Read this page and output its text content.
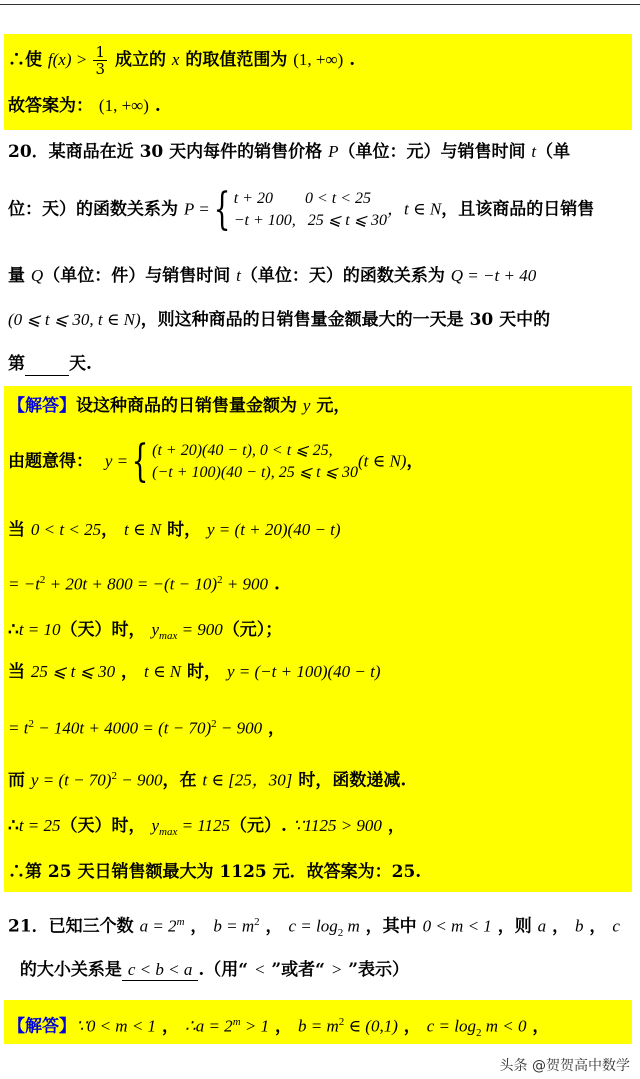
∴使 $f(x) > \frac{1}{3}$ 成立的 x 的取值范围为 (1, +∞) .
故答案为： (1, +∞) .
20．某商品在近 30 天内每件的销售价格 P（单位：元）与销售时间 t（单
位：天）的函数关系为 P ={ t + 20 0 < t < 25
−t + 100, 25 ⩽ t ⩽ 30，t ∈ N，且该商品的日销售
量 Q（单位：件）与销售时间 t（单位：天）的函数关系为 Q = −t + 40
(0 ⩽ t ⩽ 30, t ∈ N)，则这种商品的日销售量金额最大的一天是 30 天中的
第	天.
【解答】设这种商品的日销售量金额为 y 元，
由题意得： y ={ (t + 20)(40 − t), 0 < t ⩽ 25,
(−t + 100)(40 − t), 25 ⩽ t ⩽ 30(t ∈ N)，
当 0 < t < 25， t ∈ N 时， y = (t + 20)(40 − t)
= $-t^2 + 20t + 800 = -(t - 10)^2 + 900$ .
∴t = 10（天）时， $y_{max} = 900$（元）；
当 25 ⩽ t ⩽ 30 ， t ∈ N 时， y = (−t + 100)(40 − t)
= $t^2 - 140t + 4000 = (t - 70)^2 - 900$ ，
而 $y = (t - 70)^2 - 900$，在 t ∈ [25，30] 时，函数递减.
∴t = 25（天）时， $y_{max} = 1125$（元）. ∵1125 > 900 ，
∴第 25 天日销售额最大为 1125 元．故答案为：25.
21．已知三个数 $a = 2^m$ ， $b = m^2$ ， $c = \log_2 m$ ，其中 0 < m < 1 ，则 a ， b ， c
的大小关系是 c < b < a .（用“ < ”或者“ > ”表示）
【解答】∵0 < m < 1 ， ∴a = $2^m > 1$ ， $b = m^2$ ∈ (0,1) ， $c = \log_2 m < 0$ ，
头条 @贺贺高中数学
